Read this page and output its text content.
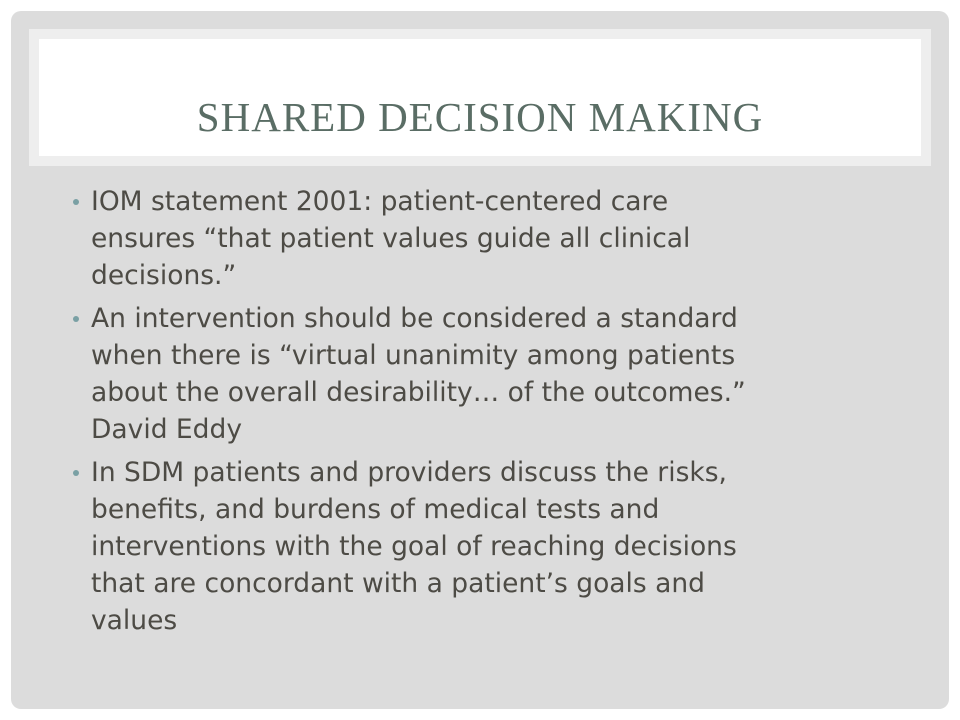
SHARED DECISION MAKING
IOM statement 2001: patient-centered care
ensures “that patient values guide all clinical
decisions.”
An intervention should be considered a standard
when there is “virtual unanimity among patients
about the overall desirability… of the outcomes.”
David Eddy
In SDM patients and providers discuss the risks,
benefits, and burdens of medical tests and
interventions with the goal of reaching decisions
that are concordant with a patient’s goals and
values
